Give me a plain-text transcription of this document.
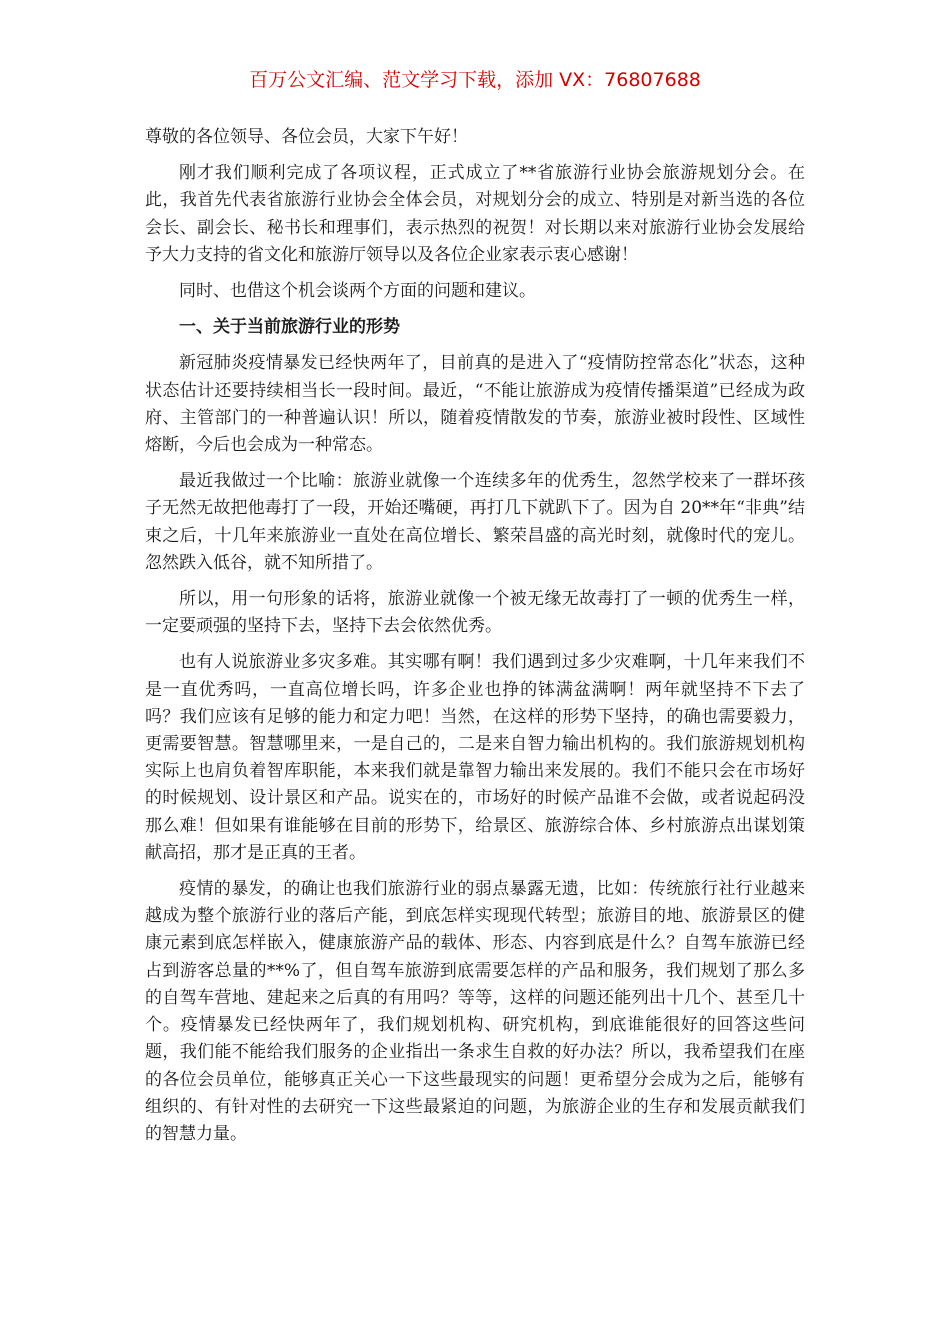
百万公文汇编、范文学习下载，添加 VX：76807688

尊敬的各位领导、各位会员，大家下午好！

刚才我们顺利完成了各项议程，正式成立了**省旅游行业协会旅游规划分会。在此，我首先代表省旅游行业协会全体会员，对规划分会的成立、特别是对新当选的各位会长、副会长、秘书长和理事们，表示热烈的祝贺！对长期以来对旅游行业协会发展给予大力支持的省文化和旅游厅领导以及各位企业家表示衷心感谢！

同时、也借这个机会谈两个方面的问题和建议。

一、关于当前旅游行业的形势

新冠肺炎疫情暴发已经快两年了，目前真的是进入了“疫情防控常态化”状态，这种状态估计还要持续相当长一段时间。最近，“不能让旅游成为疫情传播渠道”已经成为政府、主管部门的一种普遍认识！所以，随着疫情散发的节奏，旅游业被时段性、区域性熔断，今后也会成为一种常态。

最近我做过一个比喻：旅游业就像一个连续多年的优秀生，忽然学校来了一群坏孩子无然无故把他毒打了一段，开始还嘴硬，再打几下就趴下了。因为自 20**年“非典”结束之后，十几年来旅游业一直处在高位增长、繁荣昌盛的高光时刻，就像时代的宠儿。忽然跌入低谷，就不知所措了。

所以，用一句形象的话将，旅游业就像一个被无缘无故毒打了一顿的优秀生一样，一定要顽强的坚持下去，坚持下去会依然优秀。

也有人说旅游业多灾多难。其实哪有啊！我们遇到过多少灾难啊，十几年来我们不是一直优秀吗，一直高位增长吗，许多企业也挣的钵满盆满啊！两年就坚持不下去了吗？我们应该有足够的能力和定力吧！当然，在这样的形势下坚持，的确也需要毅力，更需要智慧。智慧哪里来，一是自己的，二是来自智力输出机构的。我们旅游规划机构实际上也肩负着智库职能，本来我们就是靠智力输出来发展的。我们不能只会在市场好的时候规划、设计景区和产品。说实在的，市场好的时候产品谁不会做，或者说起码没那么难！但如果有谁能够在目前的形势下，给景区、旅游综合体、乡村旅游点出谋划策献高招，那才是正真的王者。

疫情的暴发，的确让也我们旅游行业的弱点暴露无遗，比如：传统旅行社行业越来越成为整个旅游行业的落后产能，到底怎样实现现代转型；旅游目的地、旅游景区的健康元素到底怎样嵌入，健康旅游产品的载体、形态、内容到底是什么？自驾车旅游已经占到游客总量的**%了，但自驾车旅游到底需要怎样的产品和服务，我们规划了那么多的自驾车营地、建起来之后真的有用吗？等等，这样的问题还能列出十几个、甚至几十个。疫情暴发已经快两年了，我们规划机构、研究机构，到底谁能很好的回答这些问题，我们能不能给我们服务的企业指出一条求生自救的好办法？所以，我希望我们在座的各位会员单位，能够真正关心一下这些最现实的问题！更希望分会成为之后，能够有组织的、有针对性的去研究一下这些最紧迫的问题，为旅游企业的生存和发展贡献我们的智慧力量。
